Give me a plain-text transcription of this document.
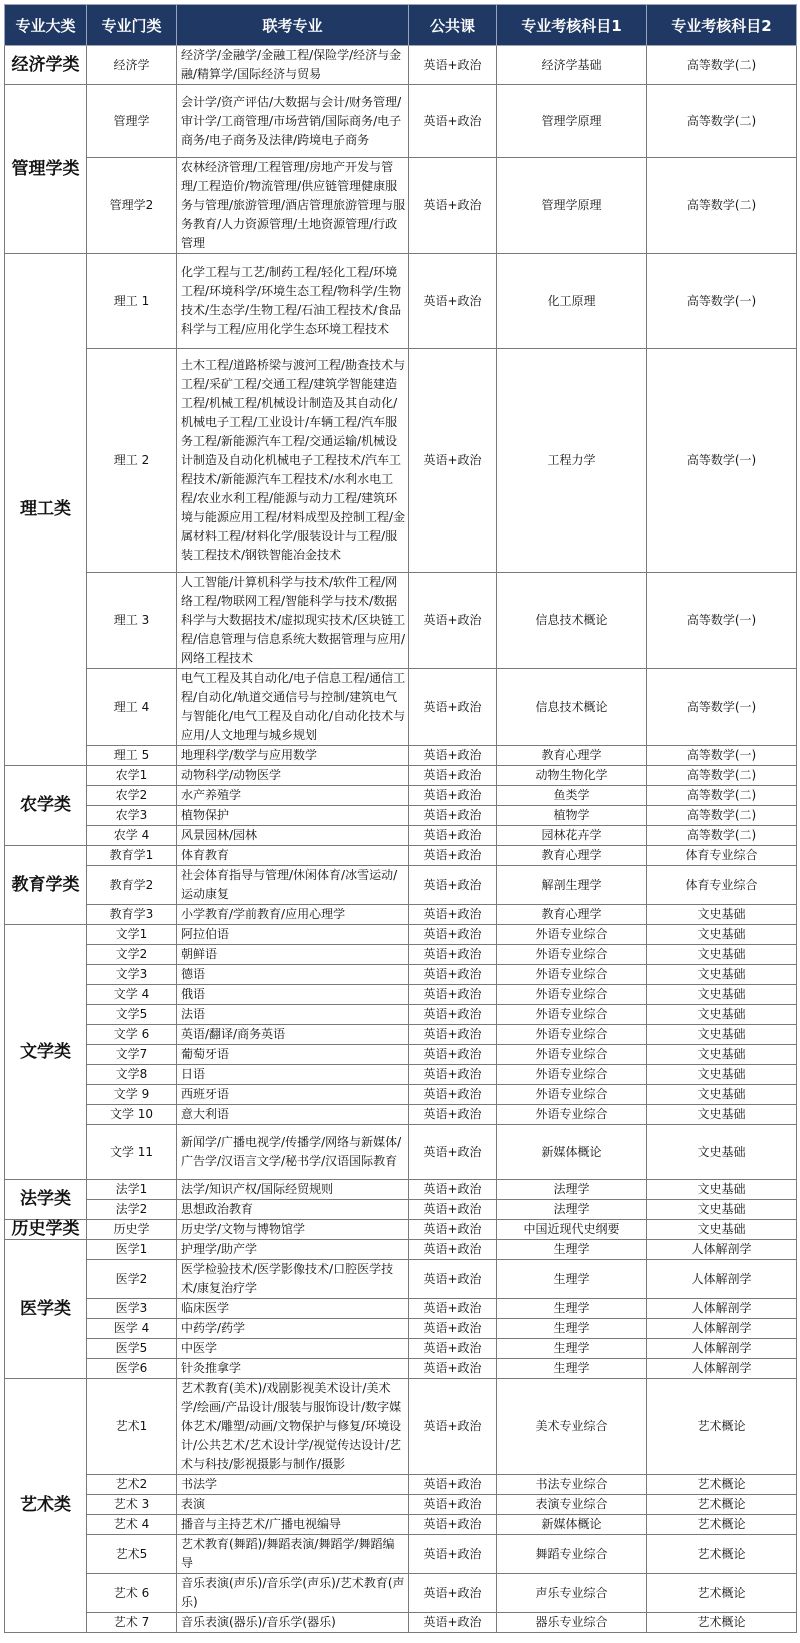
专业大类	专业门类	联考专业	公共课	专业考核科目1	专业考核科目2
经济学类	经济学	经济学/金融学/金融工程/保险学/经济与金融/精算学/国际经济与贸易	英语+政治	经济学基础	高等数学(二)
管理学类	管理学	会计学/资产评估/大数据与会计/财务管理/审计学/工商管理/市场营销/国际商务/电子商务/电子商务及法律/跨境电子商务	英语+政治	管理学原理	高等数学(二)
	管理学2	农林经济管理/工程管理/房地产开发与管理/工程造价/物流管理/供应链管理健康服务与管理/旅游管理/酒店管理旅游管理与服务教育/人力资源管理/土地资源管理/行政管理	英语+政治	管理学原理	高等数学(二)
理工类	理工 1	化学工程与工艺/制药工程/轻化工程/环境工程/环境科学/环境生态工程/物科学/生物技术/生态学/生物工程/石油工程技术/食品科学与工程/应用化学生态环境工程技术	英语+政治	化工原理	高等数学(一)
	理工 2	土木工程/道路桥梁与渡河工程/勘查技术与工程/采矿工程/交通工程/建筑学智能建造工程/机械工程/机械设计制造及其自动化/机械电子工程/工业设计/车辆工程/汽车服务工程/新能源汽车工程/交通运输/机械设计制造及自动化机械电子工程技术/汽车工程技术/新能源汽车工程技术/水利水电工程/农业水利工程/能源与动力工程/建筑环境与能源应用工程/材料成型及控制工程/金属材料工程/材料化学/服装设计与工程/服装工程技术/钢铁智能冶金技术	英语+政治	工程力学	高等数学(一)
	理工 3	人工智能/计算机科学与技术/软件工程/网络工程/物联网工程/智能科学与技术/数据科学与大数据技术/虚拟现实技术/区块链工程/信息管理与信息系统大数据管理与应用/网络工程技术	英语+政治	信息技术概论	高等数学(一)
	理工 4	电气工程及其自动化/电子信息工程/通信工程/自动化/轨道交通信号与控制/建筑电气与智能化/电气工程及自动化/自动化技术与应用/人文地理与城乡规划	英语+政治	信息技术概论	高等数学(一)
	理工 5	地理科学/数学与应用数学	英语+政治	教育心理学	高等数学(一)
农学类	农学1	动物科学/动物医学	英语+政治	动物生物化学	高等数学(二)
	农学2	水产养殖学	英语+政治	鱼类学	高等数学(二)
	农学3	植物保护	英语+政治	植物学	高等数学(二)
	农学 4	风景园林/园林	英语+政治	园林花卉学	高等数学(二)
教育学类	教育学1	体育教育	英语+政治	教育心理学	体育专业综合
	教育学2	社会体育指导与管理/休闲体育/冰雪运动/运动康复	英语+政治	解剖生理学	体育专业综合
	教育学3	小学教育/学前教育/应用心理学	英语+政治	教育心理学	文史基础
文学类	文学1	阿拉伯语	英语+政治	外语专业综合	文史基础
	文学2	朝鲜语	英语+政治	外语专业综合	文史基础
	文学3	德语	英语+政治	外语专业综合	文史基础
	文学 4	俄语	英语+政治	外语专业综合	文史基础
	文学5	法语	英语+政治	外语专业综合	文史基础
	文学 6	英语/翻译/商务英语	英语+政治	外语专业综合	文史基础
	文学7	葡萄牙语	英语+政治	外语专业综合	文史基础
	文学8	日语	英语+政治	外语专业综合	文史基础
	文学 9	西班牙语	英语+政治	外语专业综合	文史基础
	文学 10	意大利语	英语+政治	外语专业综合	文史基础
	文学 11	新闻学/广播电视学/传播学/网络与新媒体/广告学/汉语言文学/秘书学/汉语国际教育	英语+政治	新媒体概论	文史基础
法学类	法学1	法学/知识产权/国际经贸规则	英语+政治	法理学	文史基础
	法学2	思想政治教育	英语+政治	法理学	文史基础
历史学类	历史学	历史学/文物与博物馆学	英语+政治	中国近现代史纲要	文史基础
医学类	医学1	护理学/助产学	英语+政治	生理学	人体解剖学
	医学2	医学检验技术/医学影像技术/口腔医学技术/康复治疗学	英语+政治	生理学	人体解剖学
	医学3	临床医学	英语+政治	生理学	人体解剖学
	医学 4	中药学/药学	英语+政治	生理学	人体解剖学
	医学5	中医学	英语+政治	生理学	人体解剖学
	医学6	针灸推拿学	英语+政治	生理学	人体解剖学
艺术类	艺术1	艺术教育(美术)/戏剧影视美术设计/美术学/绘画/产品设计/服装与服饰设计/数字媒体艺术/雕塑/动画/文物保护与修复/环境设计/公共艺术/艺术设计学/视觉传达设计/艺术与科技/影视摄影与制作/摄影	英语+政治	美术专业综合	艺术概论
	艺术2	书法学	英语+政治	书法专业综合	艺术概论
	艺术 3	表演	英语+政治	表演专业综合	艺术概论
	艺术 4	播音与主持艺术/广播电视编导	英语+政治	新媒体概论	艺术概论
	艺术5	艺术教育(舞蹈)/舞蹈表演/舞蹈学/舞蹈编导	英语+政治	舞蹈专业综合	艺术概论
	艺术 6	音乐表演(声乐)/音乐学(声乐)/艺术教育(声乐)	英语+政治	声乐专业综合	艺术概论
	艺术 7	音乐表演(器乐)/音乐学(器乐)	英语+政治	器乐专业综合	艺术概论
